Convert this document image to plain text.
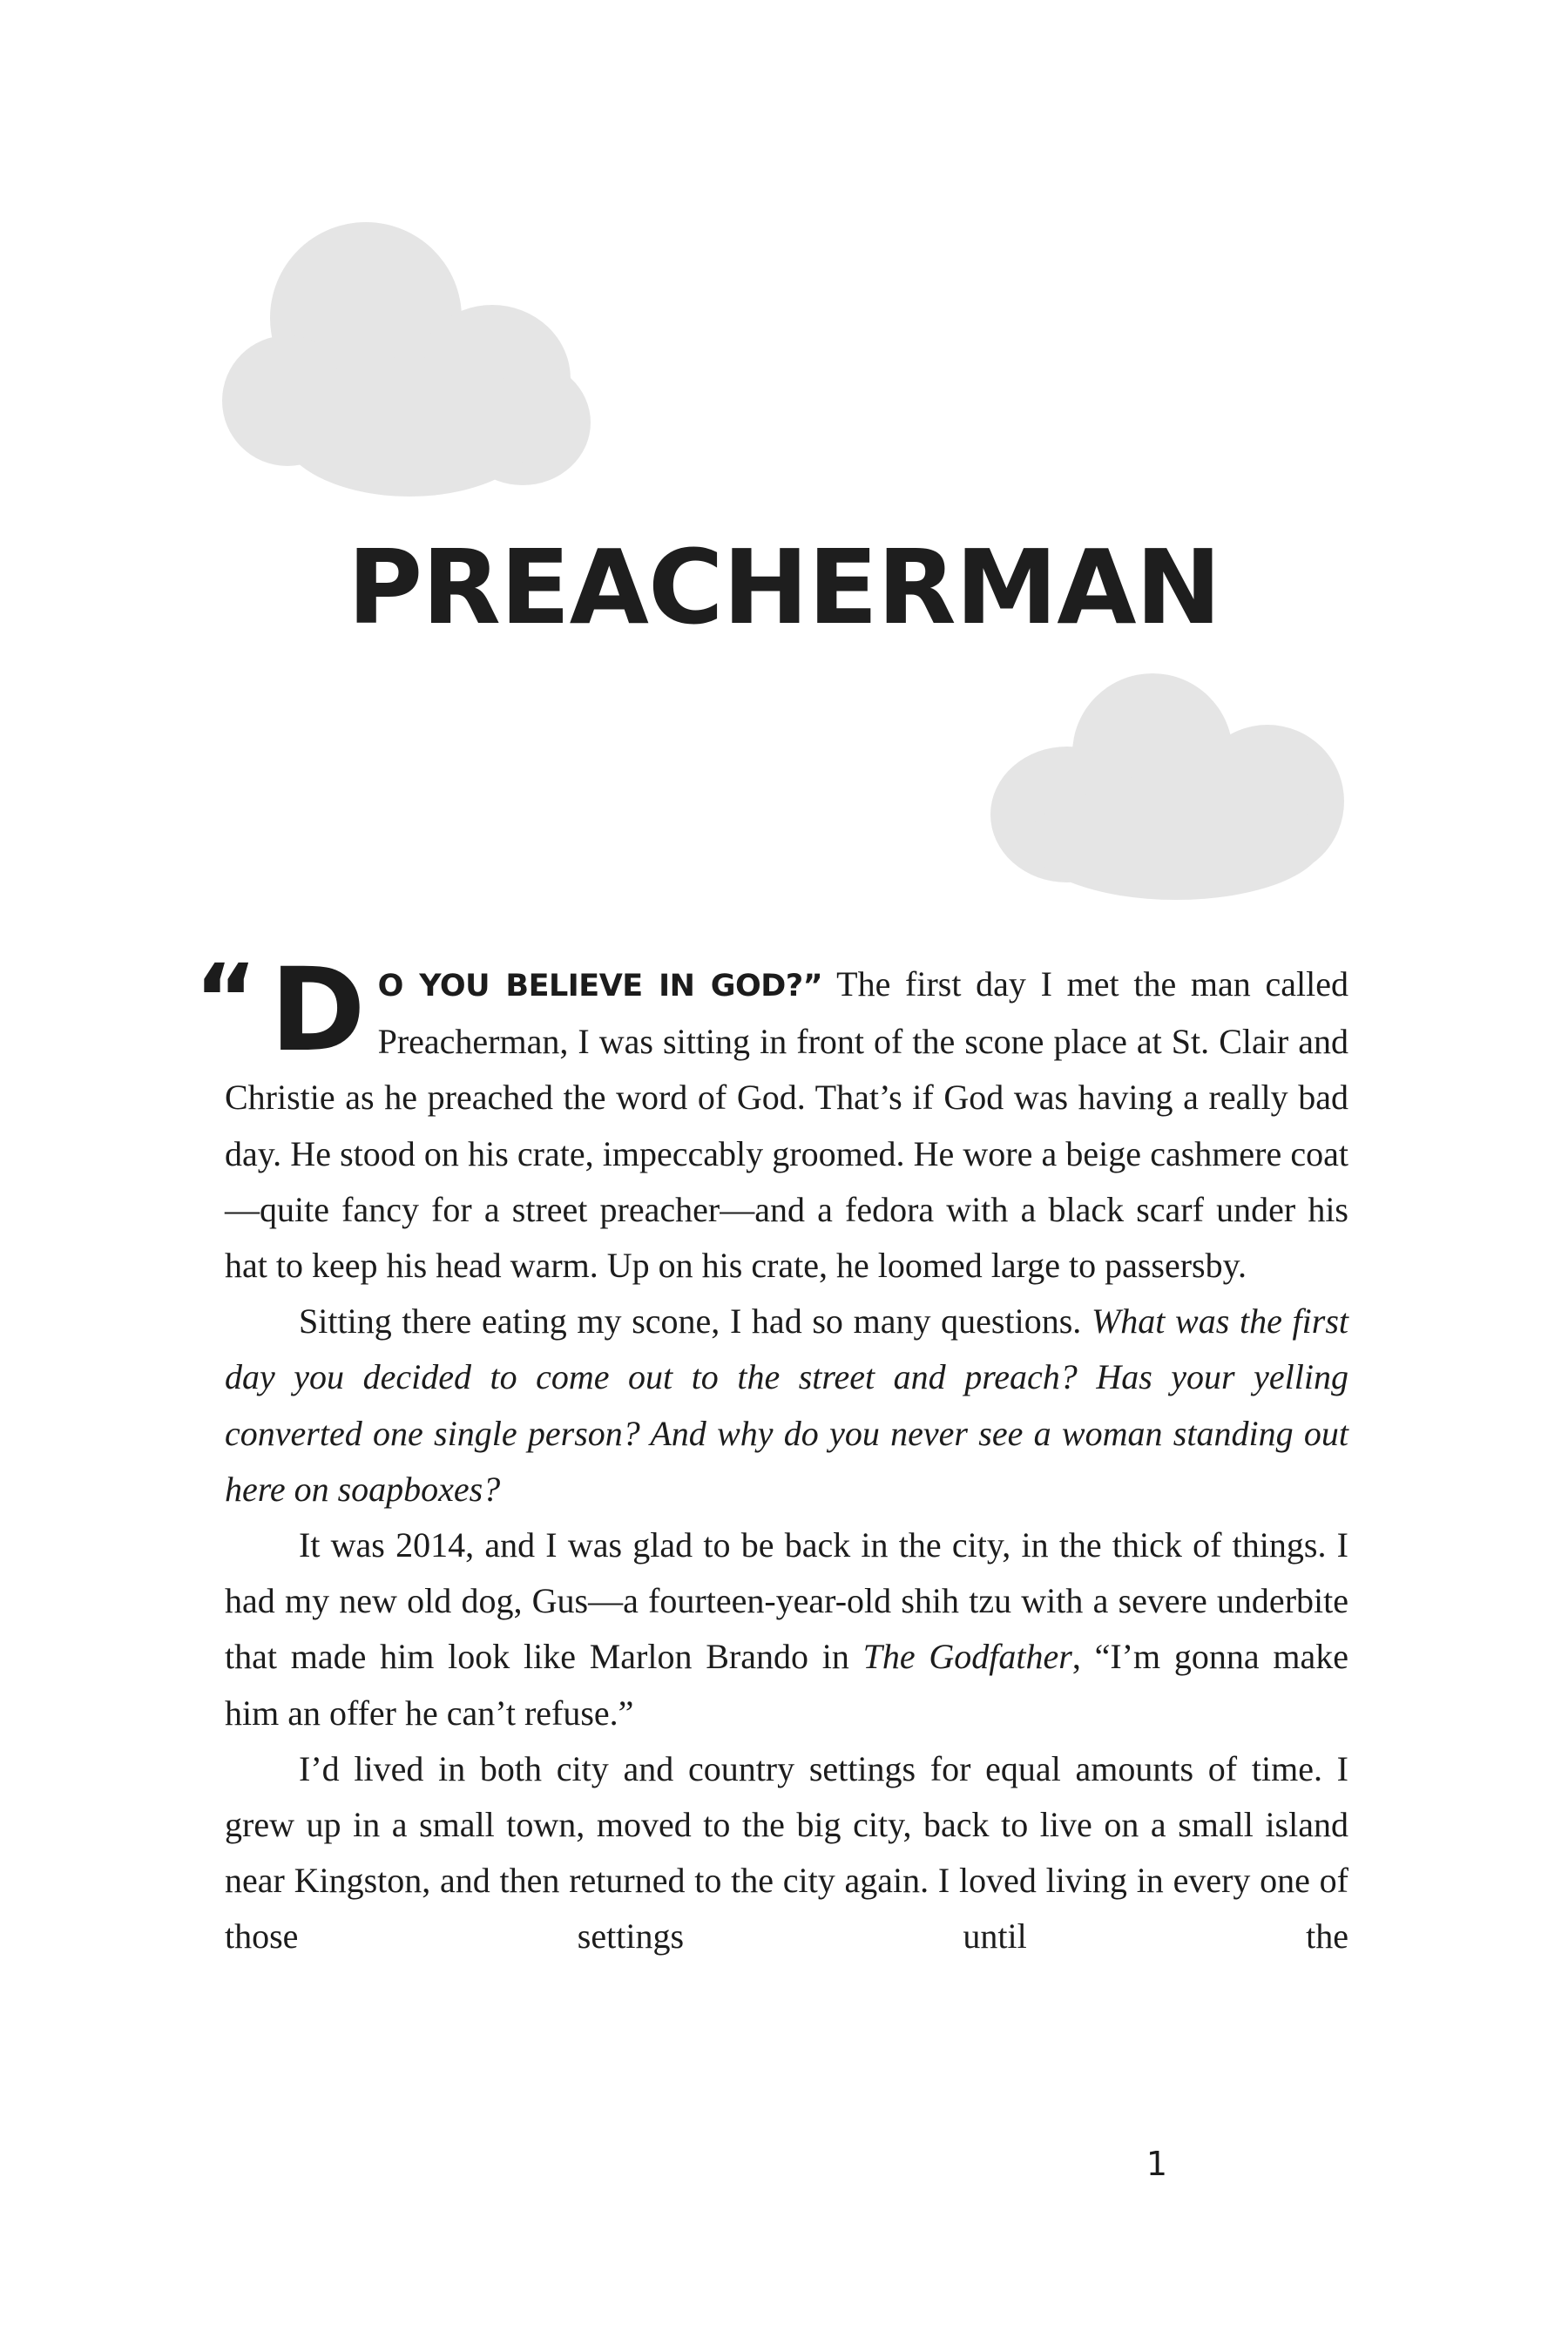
PREACHERMAN
“ D O YOU BELIEVE IN GOD?” The first day I met the man called Preacherman, I was sitting in front of the scone place at St. Clair and Christie as he preached the word of God. That’s if God was having a really bad day. He stood on his crate, impeccably groomed. He wore a beige cashmere coat—quite fancy for a street preacher—and a fedora with a black scarf under his hat to keep his head warm. Up on his crate, he loomed large to passersby.

Sitting there eating my scone, I had so many questions. What was the first day you decided to come out to the street and preach? Has your yelling converted one single person? And why do you never see a woman standing out here on soapboxes?

It was 2014, and I was glad to be back in the city, in the thick of things. I had my new old dog, Gus—a fourteen-year-old shih tzu with a severe underbite that made him look like Marlon Brando in The Godfather, “I’m gonna make him an offer he can’t refuse.”

I’d lived in both city and country settings for equal amounts of time. I grew up in a small town, moved to the big city, back to live on a small island near Kingston, and then returned to the city again. I loved living in every one of those settings until the

1
